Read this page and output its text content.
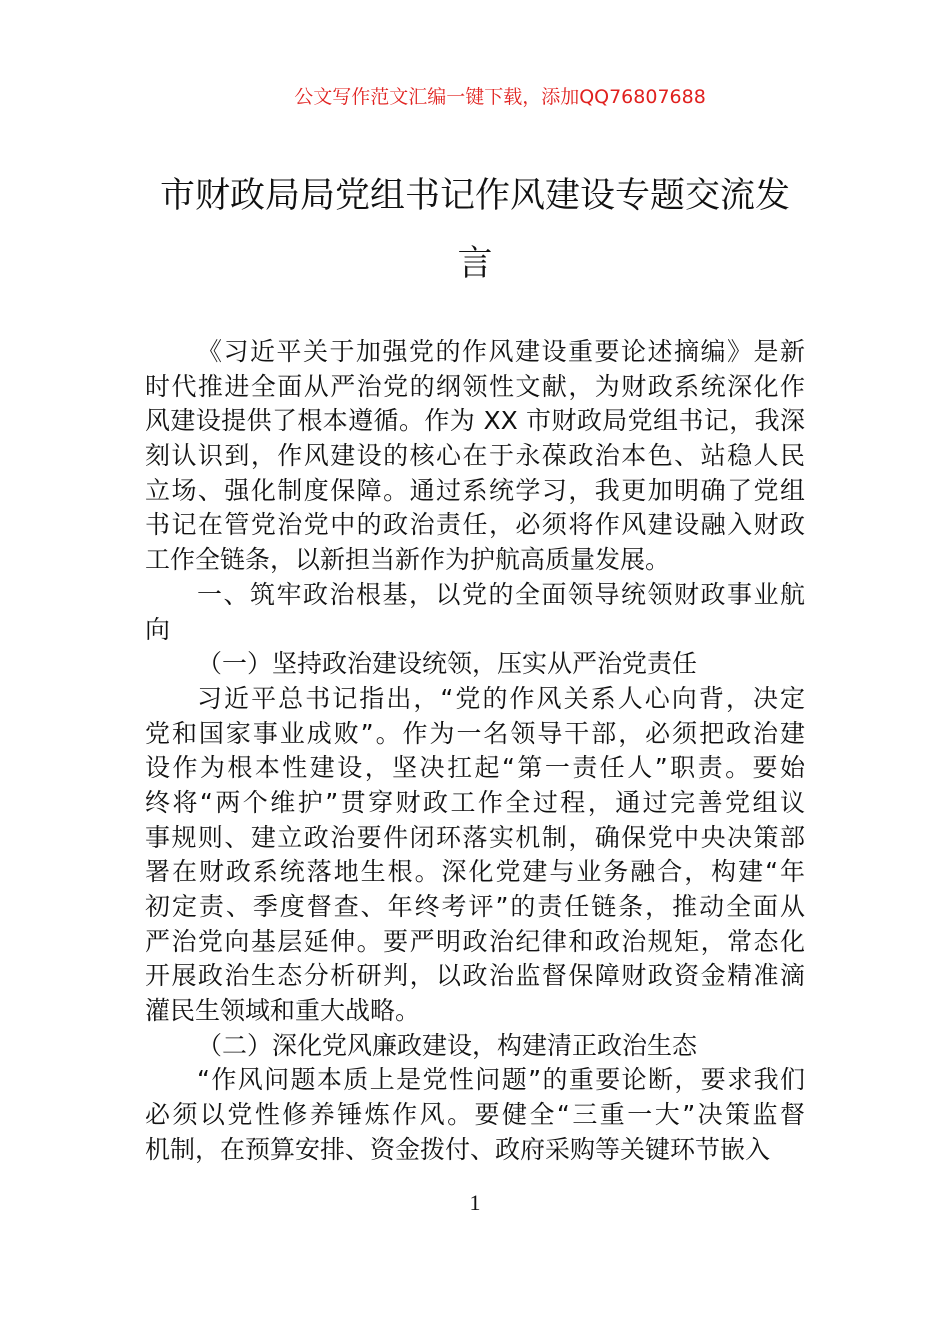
公文写作范文汇编一键下载，添加QQ76807688
市财政局局党组书记作风建设专题交流发
言
《习近平关于加强党的作风建设重要论述摘编》是新
时代推进全面从严治党的纲领性文献，为财政系统深化作
风建设提供了根本遵循。作为 XX 市财政局党组书记，我深
刻认识到，作风建设的核心在于永葆政治本色、站稳人民
立场、强化制度保障。通过系统学习，我更加明确了党组
书记在管党治党中的政治责任，必须将作风建设融入财政
工作全链条，以新担当新作为护航高质量发展。
一、筑牢政治根基，以党的全面领导统领财政事业航
向
（一）坚持政治建设统领，压实从严治党责任
习近平总书记指出，“党的作风关系人心向背，决定
党和国家事业成败”。作为一名领导干部，必须把政治建
设作为根本性建设，坚决扛起“第一责任人”职责。要始
终将“两个维护”贯穿财政工作全过程，通过完善党组议
事规则、建立政治要件闭环落实机制，确保党中央决策部
署在财政系统落地生根。深化党建与业务融合，构建“年
初定责、季度督查、年终考评”的责任链条，推动全面从
严治党向基层延伸。要严明政治纪律和政治规矩，常态化
开展政治生态分析研判，以政治监督保障财政资金精准滴
灌民生领域和重大战略。
（二）深化党风廉政建设，构建清正政治生态
“作风问题本质上是党性问题”的重要论断，要求我们
必须以党性修养锤炼作风。要健全“三重一大”决策监督
机制，在预算安排、资金拨付、政府采购等关键环节嵌入
1
